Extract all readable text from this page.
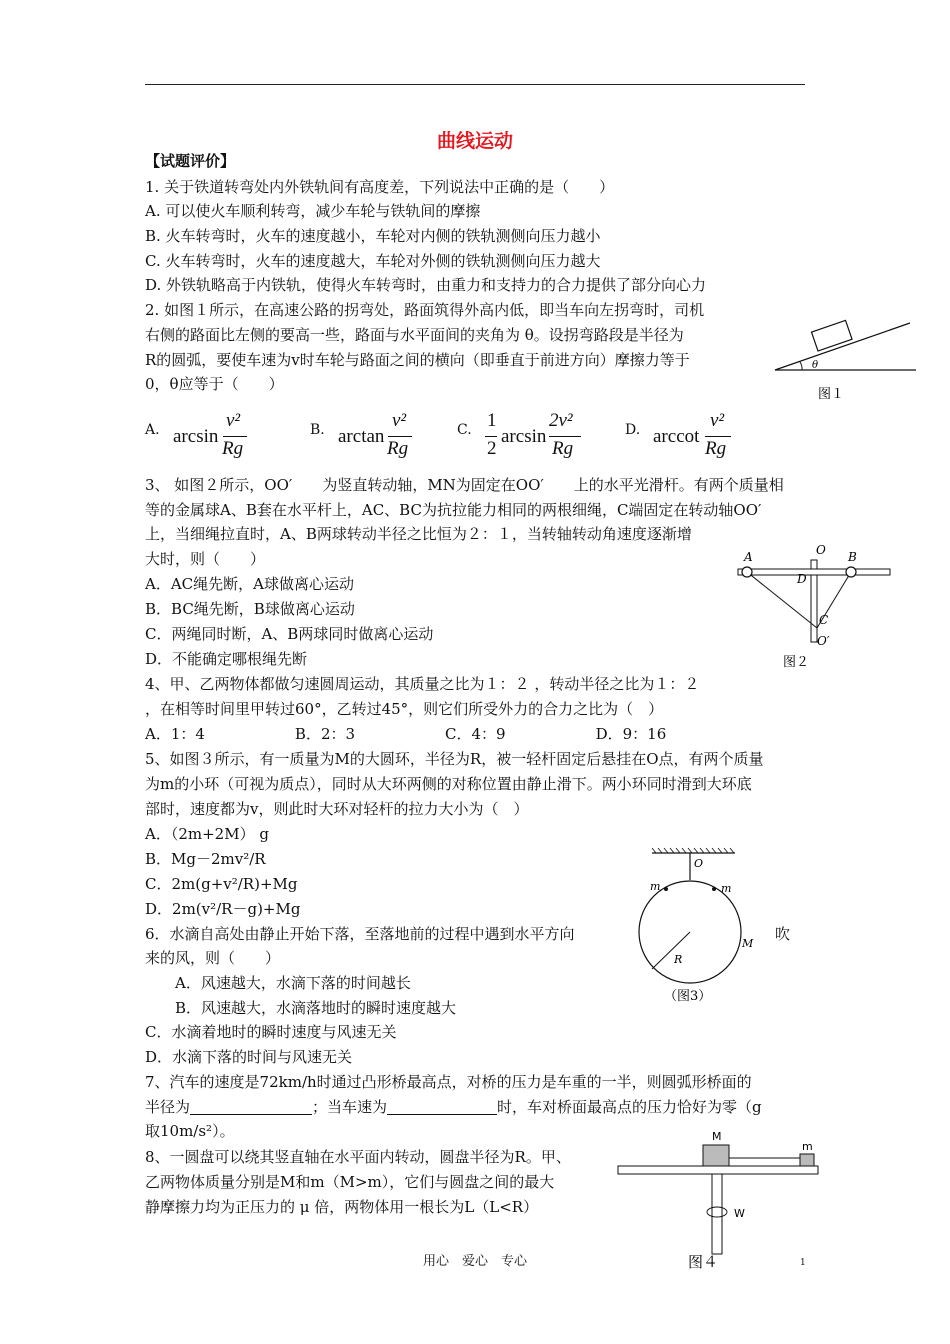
曲线运动
【试题评价】
1. 关于铁道转弯处内外铁轨间有高度差，下列说法中正确的是（　　）
A. 可以使火车顺利转弯，减少车轮与铁轨间的摩擦
B. 火车转弯时，火车的速度越小，车轮对内侧的铁轨测侧向压力越小
C. 火车转弯时，火车的速度越大，车轮对外侧的铁轨测侧向压力越大
D. 外铁轨略高于内铁轨，使得火车转弯时，由重力和支持力的合力提供了部分向心力
2. 如图１所示，在高速公路的拐弯处，路面筑得外高内低，即当车向左拐弯时，司机
右侧的路面比左侧的要高一些，路面与水平面间的夹角为 θ。设拐弯路段是半径为
R的圆弧，要使车速为v时车轮与路面之间的横向（即垂直于前进方向）摩擦力等于
0，θ应等于（　　）
θ
图１
A. arcsin
v²
Rg
B. arctan
v²
Rg
C. 1
2
arcsin
2v²
Rg
D. arccot
v²
Rg
3、 如图２所示，OO′　　为竖直转动轴，MN为固定在OO′　　上的水平光滑杆。有两个质量相
等的金属球A、B套在水平杆上，AC、BC为抗拉能力相同的两根细绳，C端固定在转动轴OO′
上，当细绳拉直时，A、B两球转动半径之比恒为２：１，当转轴转动角速度逐渐增
大时，则（　　）
A．AC绳先断，A球做离心运动
B．BC绳先断，B球做离心运动
C．两绳同时断，A、B两球同时做离心运动
D．不能确定哪根绳先断
4、甲、乙两物体都做匀速圆周运动，其质量之比为１：２ ，转动半径之比为１：２
，在相等时间里甲转过60°，乙转过45°，则它们所受外力的合力之比为（　）
A．1：4　　　　　　B．2：3　　　　　　C．4：9　　　　　　D．9：16
5、如图３所示，有一质量为M的大圆环，半径为R，被一轻杆固定后悬挂在O点，有两个质量
为m的小环（可视为质点），同时从大环两侧的对称位置由静止滑下。两小环同时滑到大环底
部时，速度都为v，则此时大环对轻杆的拉力大小为（　）
A．（2m+2M） g
B．Mg－2mv²/R
C．2m(g+v²/R)+Mg
D．2m(v²/R－g)+Mg
6．水滴自高处由静止开始下落，至落地前的过程中遇到水平方向	吹
来的风，则（　　）
　　A．风速越大，水滴下落的时间越长
　　B．风速越大，水滴落地时的瞬时速度越大
C．水滴着地时的瞬时速度与风速无关
D．水滴下落的时间与风速无关
7、汽车的速度是72km/h时通过凸形桥最高点，对桥的压力是车重的一半，则圆弧形桥面的
半径为	；当车速为	时，车对桥面最高点的压力恰好为零（g
取10m/s²）。
8、一圆盘可以绕其竖直轴在水平面内转动，圆盘半径为R。甲、
乙两物体质量分别是M和m（M>m），它们与圆盘之间的最大
静摩擦力均为正压力的 μ 倍，两物体用一根长为L（L<R）
A	B
O
D
C
O′
图２
O
m	m
M
R
（图3）
M
m
W
图４
用心　爱心　专心	1
